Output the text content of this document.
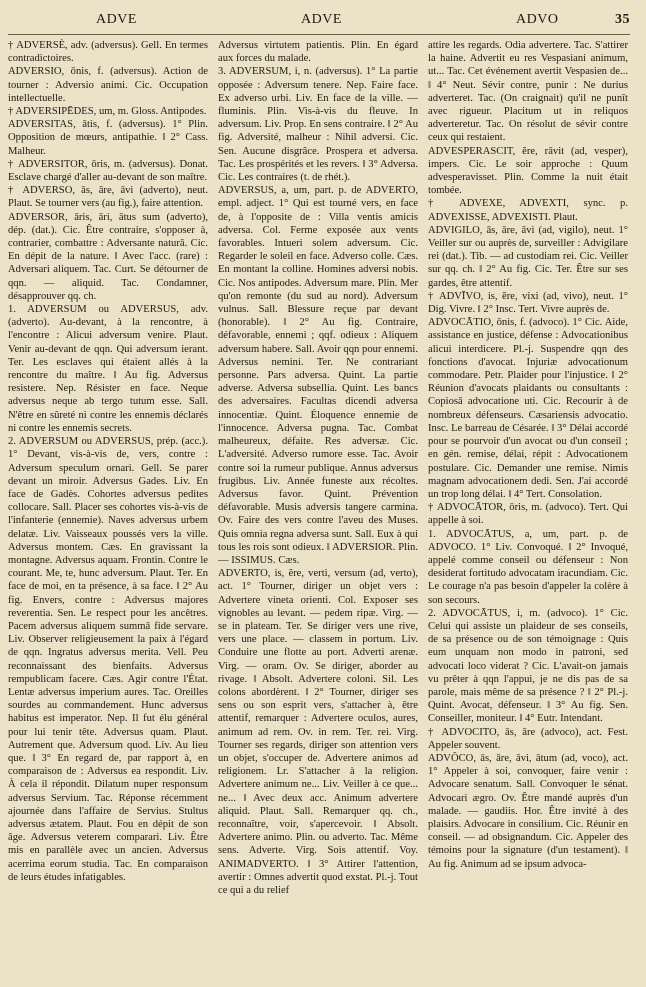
ADVE	ADVE	ADVO	35

† ADVERSÈ, adv. (adversus). Gell. En termes contradictoires.

ADVERSIO, ōnis, f. (adversus). Action de tourner : Adversio animi. Cic. Occupation intellectuelle.

† ADVERSIPĒDES, um, m. Gloss. Antipodes.

ADVERSITAS, ātis, f. (adversus). 1° Plin. Opposition de mœurs, antipathie. ‖ 2° Cass. Malheur.

† ADVERSITOR, ōris, m. (adversus). Donat. Esclave chargé d'aller au-devant de son maître.

† ADVERSO, ās, āre, āvi (adverto), neut. Plaut. Se tourner vers (au fig.), faire attention.

ADVERSOR, āris, āri, ātus sum (adverto), dép. (dat.). Cic. Être contraire, s'opposer à, contrarier, combattre : Adversante naturā. Cic. En dépit de la nature. ‖ Avec l'acc. (rare) : Adversari aliquem. Tac. Curt. Se détourner de qqn. — aliquid. Tac. Condamner, désapprouver qq. ch.

1. ADVERSUM ou ADVERSUS, adv. (adverto). Au-devant, à la rencontre, à l'encontre : Alicui adversum venire. Plaut. Venir au-devant de qqn. Qui adversum ierant. Ter. Les esclaves qui étaient allés à la rencontre du maître. ‖ Au fig. Adversus resistere. Nep. Résister en face. Neque adversus neque ab tergo tutum esse. Sall. N'être en sûreté ni contre les ennemis déclarés ni contre les ennemis secrets.

2. ADVERSUM ou ADVERSUS, prép. (acc.). 1° Devant, vis-à-vis de, vers, contre : Adversum speculum ornari. Gell. Se parer devant un miroir. Adversus Gades. Liv. En face de Gadès. Cohortes adversus pedites collocare. Sall. Placer ses cohortes vis-à-vis de l'infanterie (ennemie). Naves adversus urbem delatæ. Liv. Vaisseaux poussés vers la ville. Adversus montem. Cæs. En gravissant la montagne. Adversus aquam. Frontin. Contre le courant. Me, te, hunc adversum. Plaut. Ter. En face de moi, en ta présence, à sa face. ‖ 2° Au fig. Envers, contre : Adversus majores reverentia. Sen. Le respect pour les ancêtres. Pacem adversus aliquem summā fide servare. Liv. Observer religieusement la paix à l'égard de qqn. Ingratus adversus merita. Vell. Peu reconnaissant des bienfaits. Adversus rempublicam facere. Cæs. Agir contre l'État. Lentæ adversus imperium aures. Tac. Oreilles sourdes au commandement. Hunc adversus habitus est imperator. Nep. Il fut élu général pour lui tenir tête. Adversus quam. Plaut. Autrement que. Adversum quod. Liv. Au lieu que. ‖ 3° En regard de, par rapport à, en comparaison de : Adversus ea respondit. Liv. À cela il répondit. Dilatum nuper responsum adversus Servium. Tac. Réponse récemment ajournée dans l'affaire de Servius. Stultus adversus ætatem. Plaut. Fou en dépit de son âge. Adversus veterem comparari. Liv. Être mis en parallèle avec un ancien. Adversus acerrima eorum studia. Tac. En comparaison de leurs études infatigables.

Adversus virtutem patientis. Plin. En égard aux forces du malade.

3. ADVERSUM, i, n. (adversus). 1° La partie opposée : Adversum tenere. Nep. Faire face. Ex adverso urbi. Liv. En face de la ville. — fluminis. Plin. Vis-à-vis du fleuve. In adversum. Liv. Prop. En sens contraire. ‖ 2° Au fig. Adversité, malheur : Nihil adversi. Cic. Sen. Aucune disgrâce. Prospera et adversa. Tac. Les prospérités et les revers. ‖ 3° Adversa. Cic. Les contraires (t. de rhét.).

ADVERSUS, a, um, part. p. de ADVERTO, empl. adject. 1° Qui est tourné vers, en face de, à l'opposite de : Villa ventis amicis adversa. Col. Ferme exposée aux vents favorables. Intueri solem adversum. Cic. Regarder le soleil en face. Adverso colle. Cæs. En montant la colline. Homines adversi nobis. Cic. Nos antipodes. Adversum mare. Plin. Mer qu'on remonte (du sud au nord). Adversum vulnus. Sall. Blessure reçue par devant (honorable). ‖ 2° Au fig. Contraire, défavorable, ennemi ; qqf. odieux : Aliquem adversum habere. Sall. Avoir qqn pour ennemi. Adversus nemini. Ter. Ne contrariant personne. Pars adversa. Quint. La partie adverse. Adversa subsellia. Quint. Les bancs des adversaires. Facultas dicendi adversa innocentiæ. Quint. Éloquence ennemie de l'innocence. Adversa pugna. Tac. Combat malheureux, défaite. Res adversæ. Cic. L'adversité. Adverso rumore esse. Tac. Avoir contre soi la rumeur publique. Annus adversus frugibus. Liv. Année funeste aux récoltes. Adversus favor. Quint. Prévention défavorable. Musis adversis tangere carmina. Ov. Faire des vers contre l'aveu des Muses. Quis omnia regna adversa sunt. Sall. Eux à qui tous les rois sont odieux. ‖ ADVERSIOR. Plin. — ISSIMUS. Cæs.

ADVERTO, is, ĕre, verti, versum (ad, verto), act. 1° Tourner, diriger un objet vers : Advertere vineta orienti. Col. Exposer ses vignobles au levant. — pedem ripæ. Virg. — se in plateam. Ter. Se diriger vers une rive, vers une place. — classem in portum. Liv. Conduire une flotte au port. Adverti arenæ. Virg. — oram. Ov. Se diriger, aborder au rivage. ‖ Absolt. Advertere coloni. Sil. Les colons abordèrent. ‖ 2° Tourner, diriger ses sens ou son esprit vers, s'attacher à, être attentif, remarquer : Advertere oculos, aures, animum ad rem. Ov. in rem. Ter. rei. Virg. Tourner ses regards, diriger son attention vers un objet, s'occuper de. Advertere animos ad religionem. Lr. S'attacher à la religion. Advertere animum ne... Liv. Veiller à ce que... ne... ‖ Avec deux acc. Animum advertere aliquid. Plaut. Sall. Remarquer qq. ch., reconnaître, voir, s'apercevoir. ‖ Absolt. Advertere animo. Plin. ou adverto. Tac. Même sens. Adverte. Virg. Sois attentif. Voy. ANIMADVERTO. ‖ 3° Attirer l'attention, avertir : Omnes advertit quod exstat. Pl.-j. Tout ce qui a du relief

attire les regards. Odia advertere. Tac. S'attirer la haine. Advertit eu res Vespasiani animum, ut... Tac. Cet événement avertit Vespasien de... ‖ 4° Neut. Sévir contre, punir : Ne durius adverteret. Tac. (On craignait) qu'il ne punît avec rigueur. Placitum ut in reliquos adverteretur. Tac. On résolut de sévir contre ceux qui restaient.

ADVESPERASCIT, ĕre, rāvit (ad, vesper), impers. Cic. Le soir approche : Quum advesperavisset. Plin. Comme la nuit était tombée.

† ADVEXE, ADVEXTI, sync. p. ADVEXISSE, ADVEXISTI. Plaut.

ADVIGILO, ās, āre, āvi (ad, vigilo), neut. 1° Veiller sur ou auprès de, surveiller : Advigilare rei (dat.). Tib. — ad custodiam rei. Cic. Veiller sur qq. ch. ‖ 2° Au fig. Cic. Ter. Être sur ses gardes, être attentif.

† ADVĪVO, is, ĕre, vixi (ad, vivo), neut. 1° Dig. Vivre. ‖ 2° Insc. Tert. Vivre auprès de.

ADVOCĀTIO, ōnis, f. (advoco). 1° Cic. Aide, assistance en justice, défense : Advocationibus alicui interdicere. Pl.-j. Suspendre qqn des fonctions d'avocat. Injuriæ advocationum commodare. Petr. Plaider pour l'injustice. ‖ 2° Réunion d'avocats plaidants ou consultants : Copiosā advocatione uti. Cic. Recourir à de nombreux défenseurs. Cæsariensis advocatio. Insc. Le barreau de Césarée. ‖ 3° Délai accordé pour se pourvoir d'un avocat ou d'un conseil ; en gén. remise, délai, répit : Advocationem postulare. Cic. Demander une remise. Nimis magnam advocationem dedi. Sen. J'ai accordé un trop long délai. ‖ 4° Tert. Consolation.

† ADVOCĀTOR, ōris, m. (advoco). Tert. Qui appelle à soi.

1. ADVOCĀTUS, a, um, part. p. de ADVOCO. 1° Liv. Convoqué. ‖ 2° Invoqué, appelé comme conseil ou défenseur : Non desiderat fortitudo advocatam iracundiam. Cic. Le courage n'a pas besoin d'appeler la colère à son secours.

2. ADVOCĀTUS, i, m. (advoco). 1° Cic. Celui qui assiste un plaideur de ses conseils, de sa présence ou de son témoignage : Quis eum unquam non modo in patroni, sed advocati loco viderat ? Cic. L'avait-on jamais vu prêter à qqn l'appui, je ne dis pas de sa parole, mais même de sa présence ? ‖ 2° Pl.-j. Quint. Avocat, défenseur. ‖ 3° Au fig. Sen. Conseiller, moniteur. ‖ 4° Eutr. Intendant.

† ADVOCITO, ās, āre (advoco), act. Fest. Appeler souvent.

ADVŎCO, ās, āre, āvi, ātum (ad, voco), act. 1° Appeler à soi, convoquer, faire venir : Advocare senatum. Sall. Convoquer le sénat. Advocari ægro. Ov. Être mandé auprès d'un malade. — gaudiis. Hor. Être invité à des plaisirs. Advocare in consilium. Cic. Réunir en conseil. — ad obsignandum. Cic. Appeler des témoins pour la signature (d'un testament). ‖ Au fig. Animum ad se ipsum advoca-
